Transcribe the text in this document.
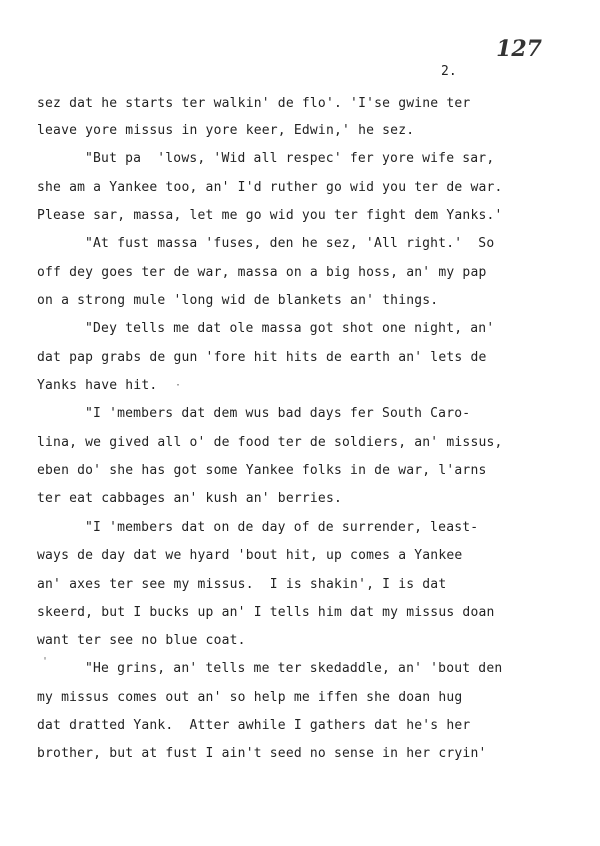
127
2.
sez dat he starts ter walkin' de flo'. 'I'se gwine ter
leave yore missus in yore keer, Edwin,' he sez.
"But pa  'lows, 'Wid all respec' fer yore wife sar,
she am a Yankee too, an' I'd ruther go wid you ter de war.
Please sar, massa, let me go wid you ter fight dem Yanks.'
"At fust massa 'fuses, den he sez, 'All right.'  So
off dey goes ter de war, massa on a big hoss, an' my pap
on a strong mule 'long wid de blankets an' things.
"Dey tells me dat ole massa got shot one night, an'
dat pap grabs de gun 'fore hit hits de earth an' lets de
Yanks have hit. ·
"I 'members dat dem wus bad days fer South Caro-
lina, we gived all o' de food ter de soldiers, an' missus,
eben do' she has got some Yankee folks in de war, l'arns
ter eat cabbages an' kush an' berries.
"I 'members dat on de day of de surrender, least-
ways de day dat we hyard 'bout hit, up comes a Yankee
an' axes ter see my missus.  I is shakin', I is dat
skeerd, but I bucks up an' I tells him dat my missus doan
want ter see no blue coat.
'	"He grins, an' tells me ter skedaddle, an' 'bout den
my missus comes out an' so help me iffen she doan hug
dat dratted Yank.  Atter awhile I gathers dat he's her
brother, but at fust I ain't seed no sense in her cryin'
